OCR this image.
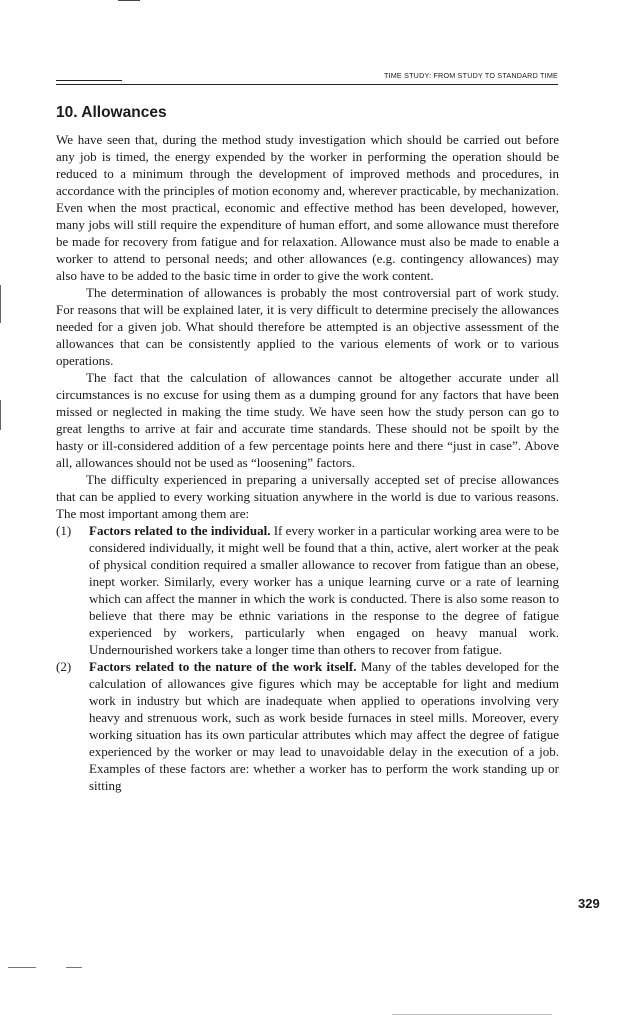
TIME STUDY: FROM STUDY TO STANDARD TIME
10. Allowances

We have seen that, during the method study investigation which should be carried out before any job is timed, the energy expended by the worker in performing the operation should be reduced to a minimum through the development of improved methods and procedures, in accordance with the principles of motion economy and, wherever practicable, by mechanization. Even when the most practical, economic and effective method has been developed, however, many jobs will still require the expenditure of human effort, and some allowance must therefore be made for recovery from fatigue and for relaxation. Allowance must also be made to enable a worker to attend to personal needs; and other allowances (e.g. contingency allowances) may also have to be added to the basic time in order to give the work content.

The determination of allowances is probably the most controversial part of work study. For reasons that will be explained later, it is very difficult to determine precisely the allowances needed for a given job. What should therefore be attempted is an objective assessment of the allowances that can be consistently applied to the various elements of work or to various operations.

The fact that the calculation of allowances cannot be altogether accurate under all circumstances is no excuse for using them as a dumping ground for any factors that have been missed or neglected in making the time study. We have seen how the study person can go to great lengths to arrive at fair and accurate time standards. These should not be spoilt by the hasty or ill-considered addition of a few percentage points here and there “just in case”. Above all, allowances should not be used as “loosening” factors.

The difficulty experienced in preparing a universally accepted set of precise allowances that can be applied to every working situation anywhere in the world is due to various reasons. The most important among them are:

(1)	Factors related to the individual. If every worker in a particular working area were to be considered individually, it might well be found that a thin, active, alert worker at the peak of physical condition required a smaller allowance to recover from fatigue than an obese, inept worker. Similarly, every worker has a unique learning curve or a rate of learning which can affect the manner in which the work is conducted. There is also some reason to believe that there may be ethnic variations in the response to the degree of fatigue experienced by workers, particularly when engaged on heavy manual work. Undernourished workers take a longer time than others to recover from fatigue.
(2)	Factors related to the nature of the work itself. Many of the tables developed for the calculation of allowances give figures which may be acceptable for light and medium work in industry but which are inadequate when applied to operations involving very heavy and strenuous work, such as work beside furnaces in steel mills. Moreover, every working situation has its own particular attributes which may affect the degree of fatigue experienced by the worker or may lead to unavoidable delay in the execution of a job. Examples of these factors are: whether a worker has to perform the work standing up or sitting
329
